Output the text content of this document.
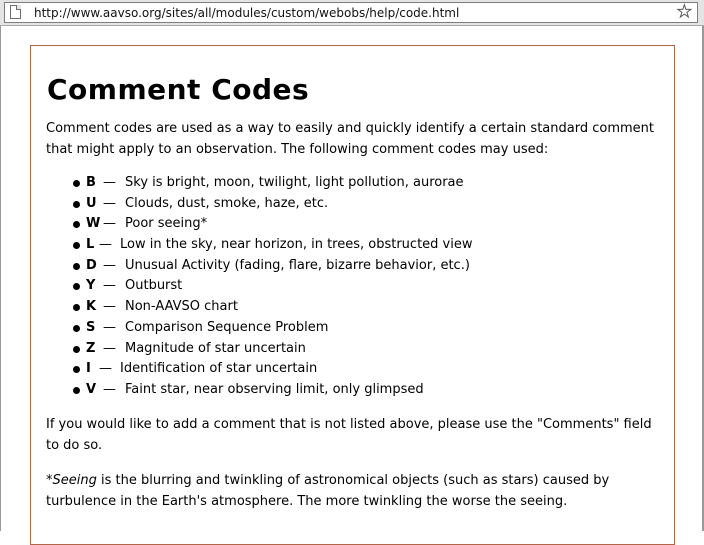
http://www.aavso.org/sites/all/modules/custom/webobs/help/code.html	★
Comment Codes

Comment codes are used as a way to easily and quickly identify a certain standard comment that might apply to an observation. The following comment codes may used:

B — Sky is bright, moon, twilight, light pollution, aurorae
U — Clouds, dust, smoke, haze, etc.
W — Poor seeing*
L — Low in the sky, near horizon, in trees, obstructed view
D — Unusual Activity (fading, flare, bizarre behavior, etc.)
Y — Outburst
K — Non-AAVSO chart
S — Comparison Sequence Problem
Z — Magnitude of star uncertain
I — Identification of star uncertain
V — Faint star, near observing limit, only glimpsed

If you would like to add a comment that is not listed above, please use the "Comments" field to do so.

*Seeing is the blurring and twinkling of astronomical objects (such as stars) caused by turbulence in the Earth's atmosphere. The more twinkling the worse the seeing.
